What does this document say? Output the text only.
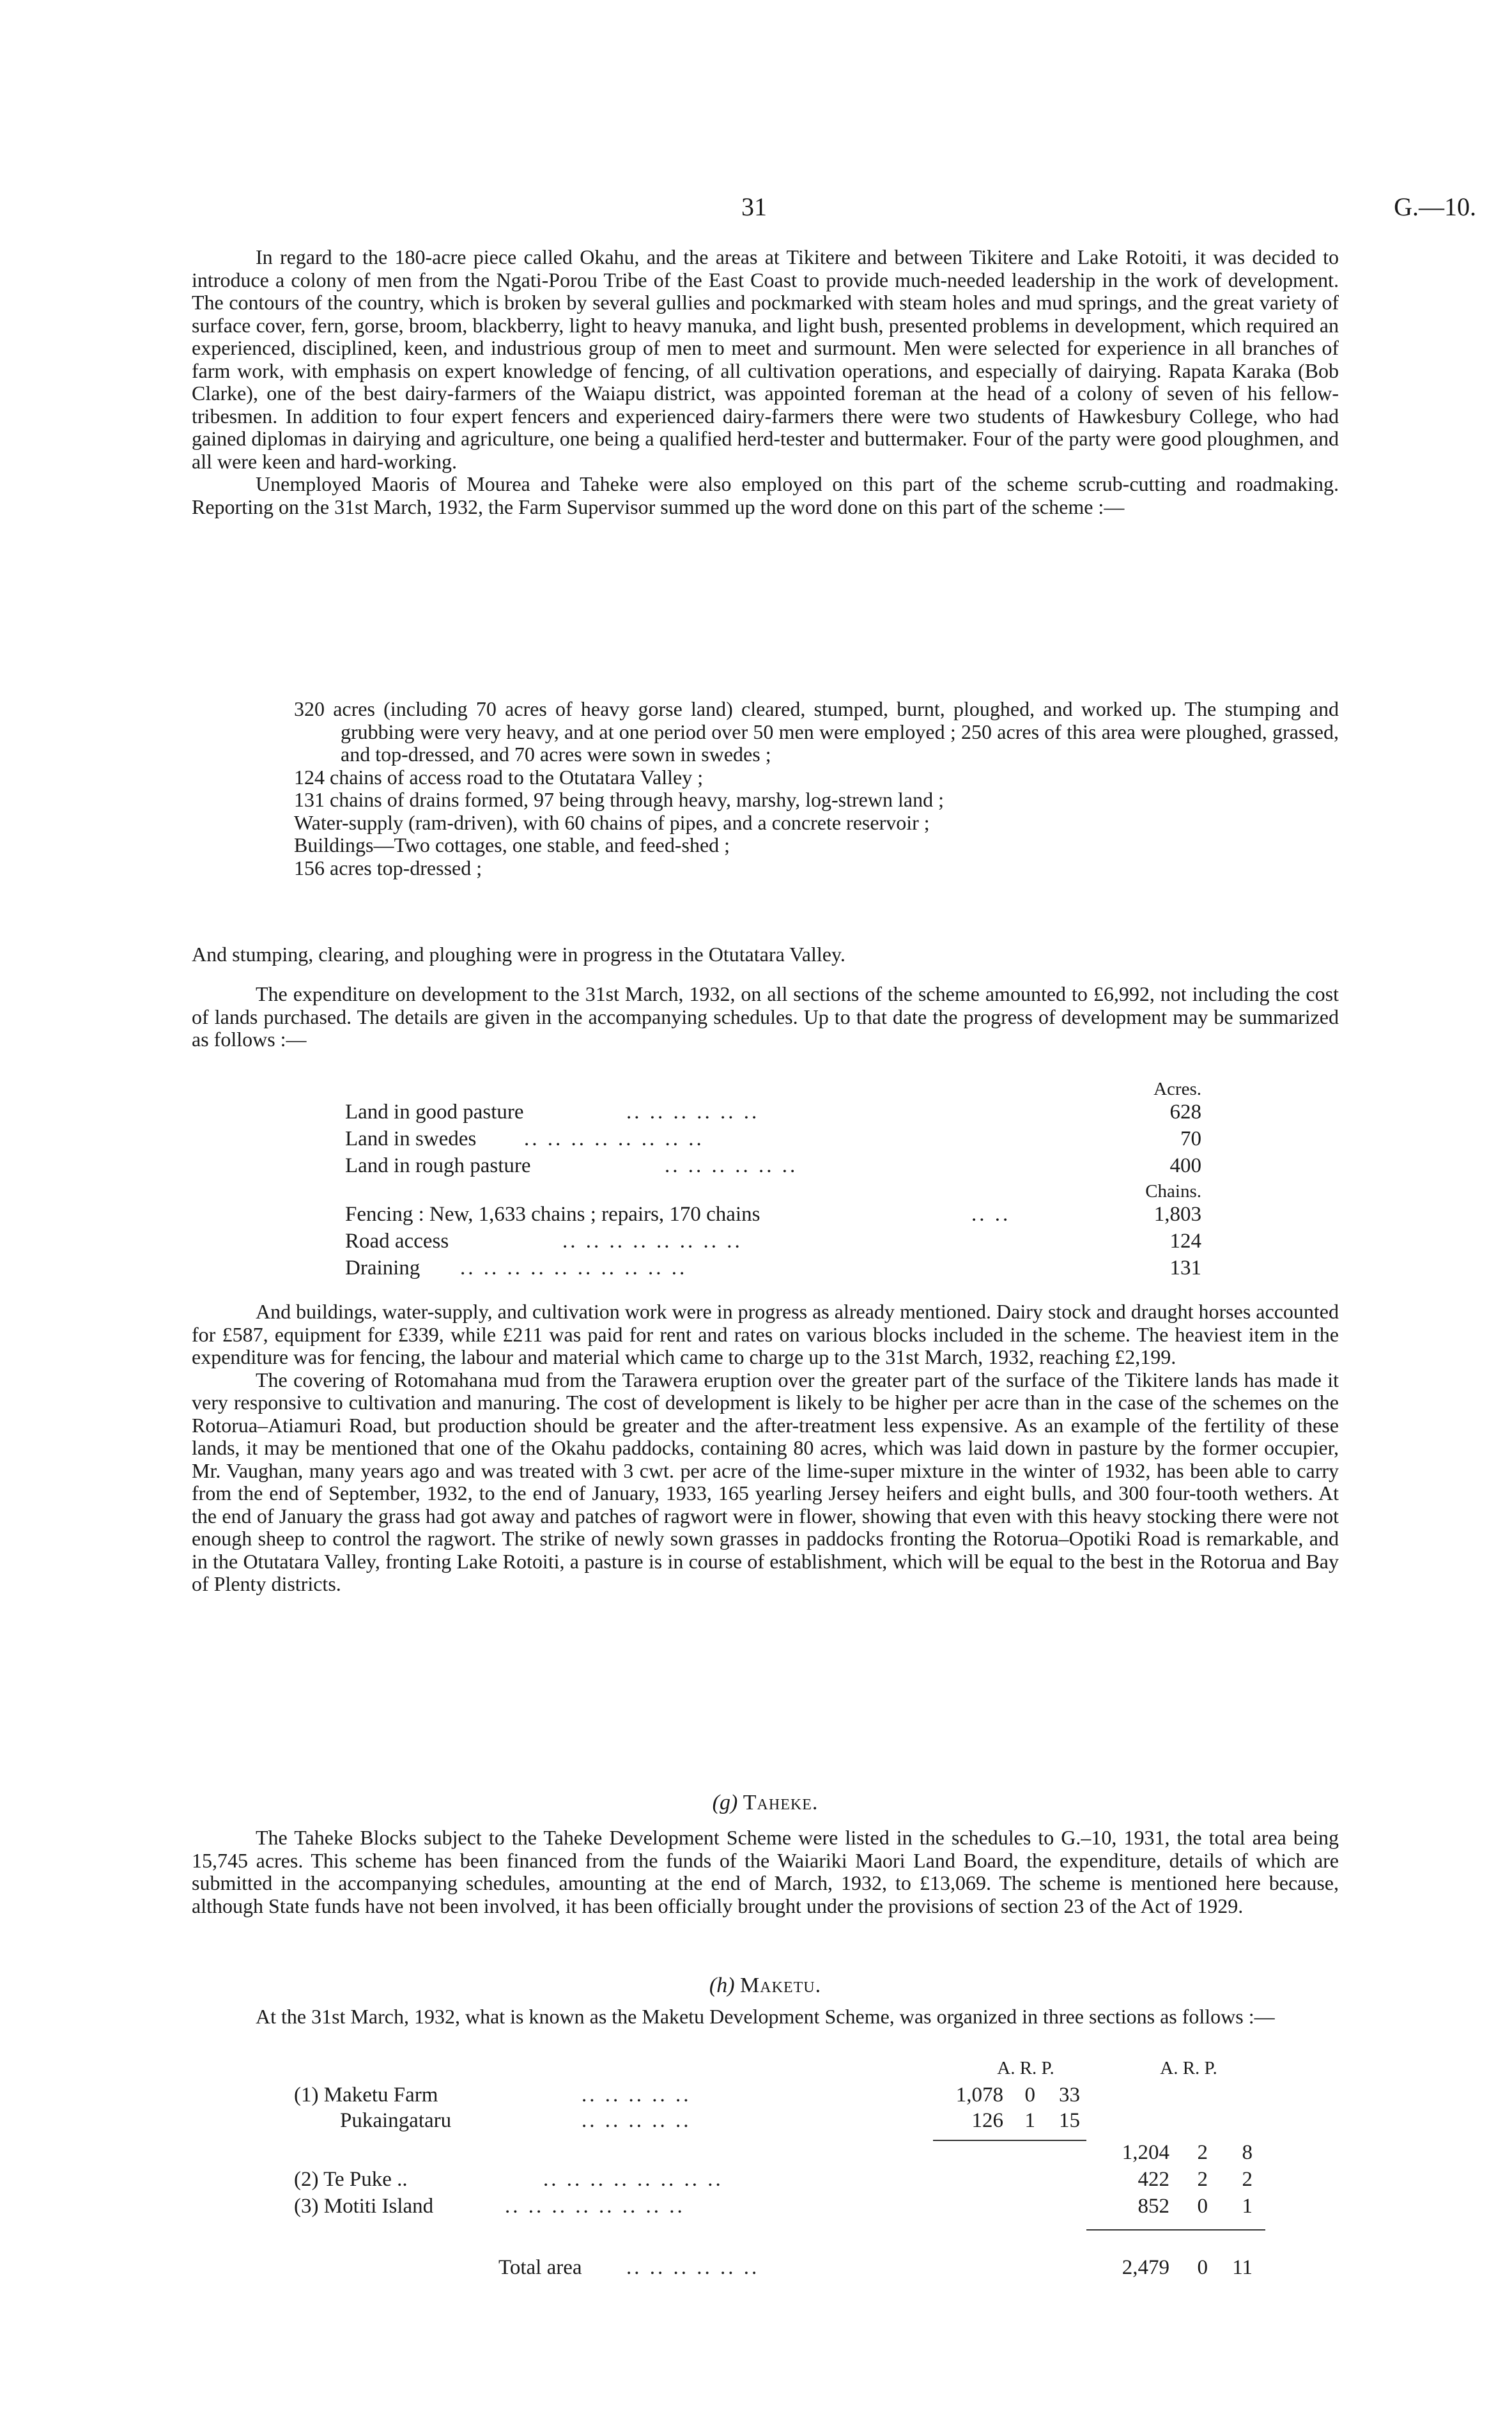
31	G.—10.

In regard to the 180-acre piece called Okahu, and the areas at Tikitere and between Tikitere and Lake Rotoiti, it was decided to introduce a colony of men from the Ngati-Porou Tribe of the East Coast to provide much-needed leadership in the work of development. The contours of the country, which is broken by several gullies and pockmarked with steam holes and mud springs, and the great variety of surface cover, fern, gorse, broom, blackberry, light to heavy manuka, and light bush, presented problems in development, which required an experienced, disciplined, keen, and industrious group of men to meet and surmount. Men were selected for experience in all branches of farm work, with emphasis on expert knowledge of fencing, of all cultivation operations, and especially of dairying. Rapata Karaka (Bob Clarke), one of the best dairy-farmers of the Waiapu district, was appointed foreman at the head of a colony of seven of his fellow-tribesmen. In addition to four expert fencers and experienced dairy-farmers there were two students of Hawkesbury College, who had gained diplomas in dairying and agriculture, one being a qualified herd-tester and buttermaker. Four of the party were good ploughmen, and all were keen and hard-working.

Unemployed Maoris of Mourea and Taheke were also employed on this part of the scheme scrub-cutting and roadmaking. Reporting on the 31st March, 1932, the Farm Supervisor summed up the word done on this part of the scheme :—

320 acres (including 70 acres of heavy gorse land) cleared, stumped, burnt, ploughed, and worked up. The stumping and grubbing were very heavy, and at one period over 50 men were employed ; 250 acres of this area were ploughed, grassed, and top-dressed, and 70 acres were sown in swedes ;
124 chains of access road to the Otutatara Valley ;
131 chains of drains formed, 97 being through heavy, marshy, log-strewn land ;
Water-supply (ram-driven), with 60 chains of pipes, and a concrete reservoir ;
Buildings—Two cottages, one stable, and feed-shed ;
156 acres top-dressed ;
And stumping, clearing, and ploughing were in progress in the Otutatara Valley.

The expenditure on development to the 31st March, 1932, on all sections of the scheme amounted to £6,992, not including the cost of lands purchased. The details are given in the accompanying schedules. Up to that date the progress of development may be summarized as follows :—

Acres.
Land in good pasture	.. .. .. .. .. ..	628
Land in swedes .. .. .. .. .. .. .. ..	70
Land in rough pasture	.. .. .. .. .. ..	400
Chains.
Fencing : New, 1,633 chains ; repairs, 170 chains	.. ..	1,803
Road access	.. .. .. .. .. .. .. ..	124
Draining .. .. .. .. .. .. .. .. .. ..	131

And buildings, water-supply, and cultivation work were in progress as already mentioned. Dairy stock and draught horses accounted for £587, equipment for £339, while £211 was paid for rent and rates on various blocks included in the scheme. The heaviest item in the expenditure was for fencing, the labour and material which came to charge up to the 31st March, 1932, reaching £2,199.

The covering of Rotomahana mud from the Tarawera eruption over the greater part of the surface of the Tikitere lands has made it very responsive to cultivation and manuring. The cost of development is likely to be higher per acre than in the case of the schemes on the Rotorua–Atiamuri Road, but production should be greater and the after-treatment less expensive. As an example of the fertility of these lands, it may be mentioned that one of the Okahu paddocks, containing 80 acres, which was laid down in pasture by the former occupier, Mr. Vaughan, many years ago and was treated with 3 cwt. per acre of the lime-super mixture in the winter of 1932, has been able to carry from the end of September, 1932, to the end of January, 1933, 165 yearling Jersey heifers and eight bulls, and 300 four-tooth wethers. At the end of January the grass had got away and patches of ragwort were in flower, showing that even with this heavy stocking there were not enough sheep to control the ragwort. The strike of newly sown grasses in paddocks fronting the Rotorua–Opotiki Road is remarkable, and in the Otutatara Valley, fronting Lake Rotoiti, a pasture is in course of establishment, which will be equal to the best in the Rotorua and Bay of Plenty districts.

(g) Taheke.

The Taheke Blocks subject to the Taheke Development Scheme were listed in the schedules to G.–10, 1931, the total area being 15,745 acres. This scheme has been financed from the funds of the Waiariki Maori Land Board, the expenditure, details of which are submitted in the accompanying schedules, amounting at the end of March, 1932, to £13,069. The scheme is mentioned here because, although State funds have not been involved, it has been officially brought under the provisions of section 23 of the Act of 1929.

(h) Maketu.

At the 31st March, 1932, what is known as the Maketu Development Scheme, was organized in three sections as follows :—

A. R. P.	A. R. P.
(1) Maketu Farm	.. .. .. .. ..	1,078	0	33
Pukaingataru	.. .. .. .. ..	126	1	15
1,204	2	8
(2) Te Puke ..	.. .. .. .. .. .. .. ..	422	2	2
(3) Motiti Island	.. .. .. .. .. .. .. ..	852	0	1
Total area .. .. .. .. .. ..	2,479	0	11
